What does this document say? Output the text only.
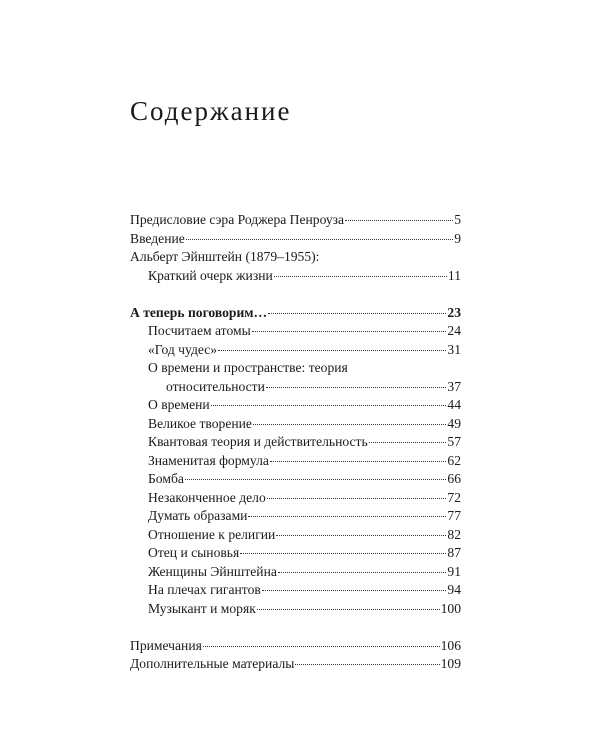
Содержание
Предисловие сэра Роджера Пенроуза	5
Введение	9
Альберт Эйнштейн (1879–1955):
Краткий очерк жизни	11
А теперь поговорим…	23
Посчитаем атомы	24
«Год чудес»	31
О времени и пространстве: теория
относительности	37
О времени	44
Великое творение	49
Квантовая теория и действительность	57
Знаменитая формула	62
Бомба	66
Незаконченное дело	72
Думать образами	77
Отношение к религии	82
Отец и сыновья	87
Женщины Эйнштейна	91
На плечах гигантов	94
Музыкант и моряк	100
Примечания	106
Дополнительные материалы	109
